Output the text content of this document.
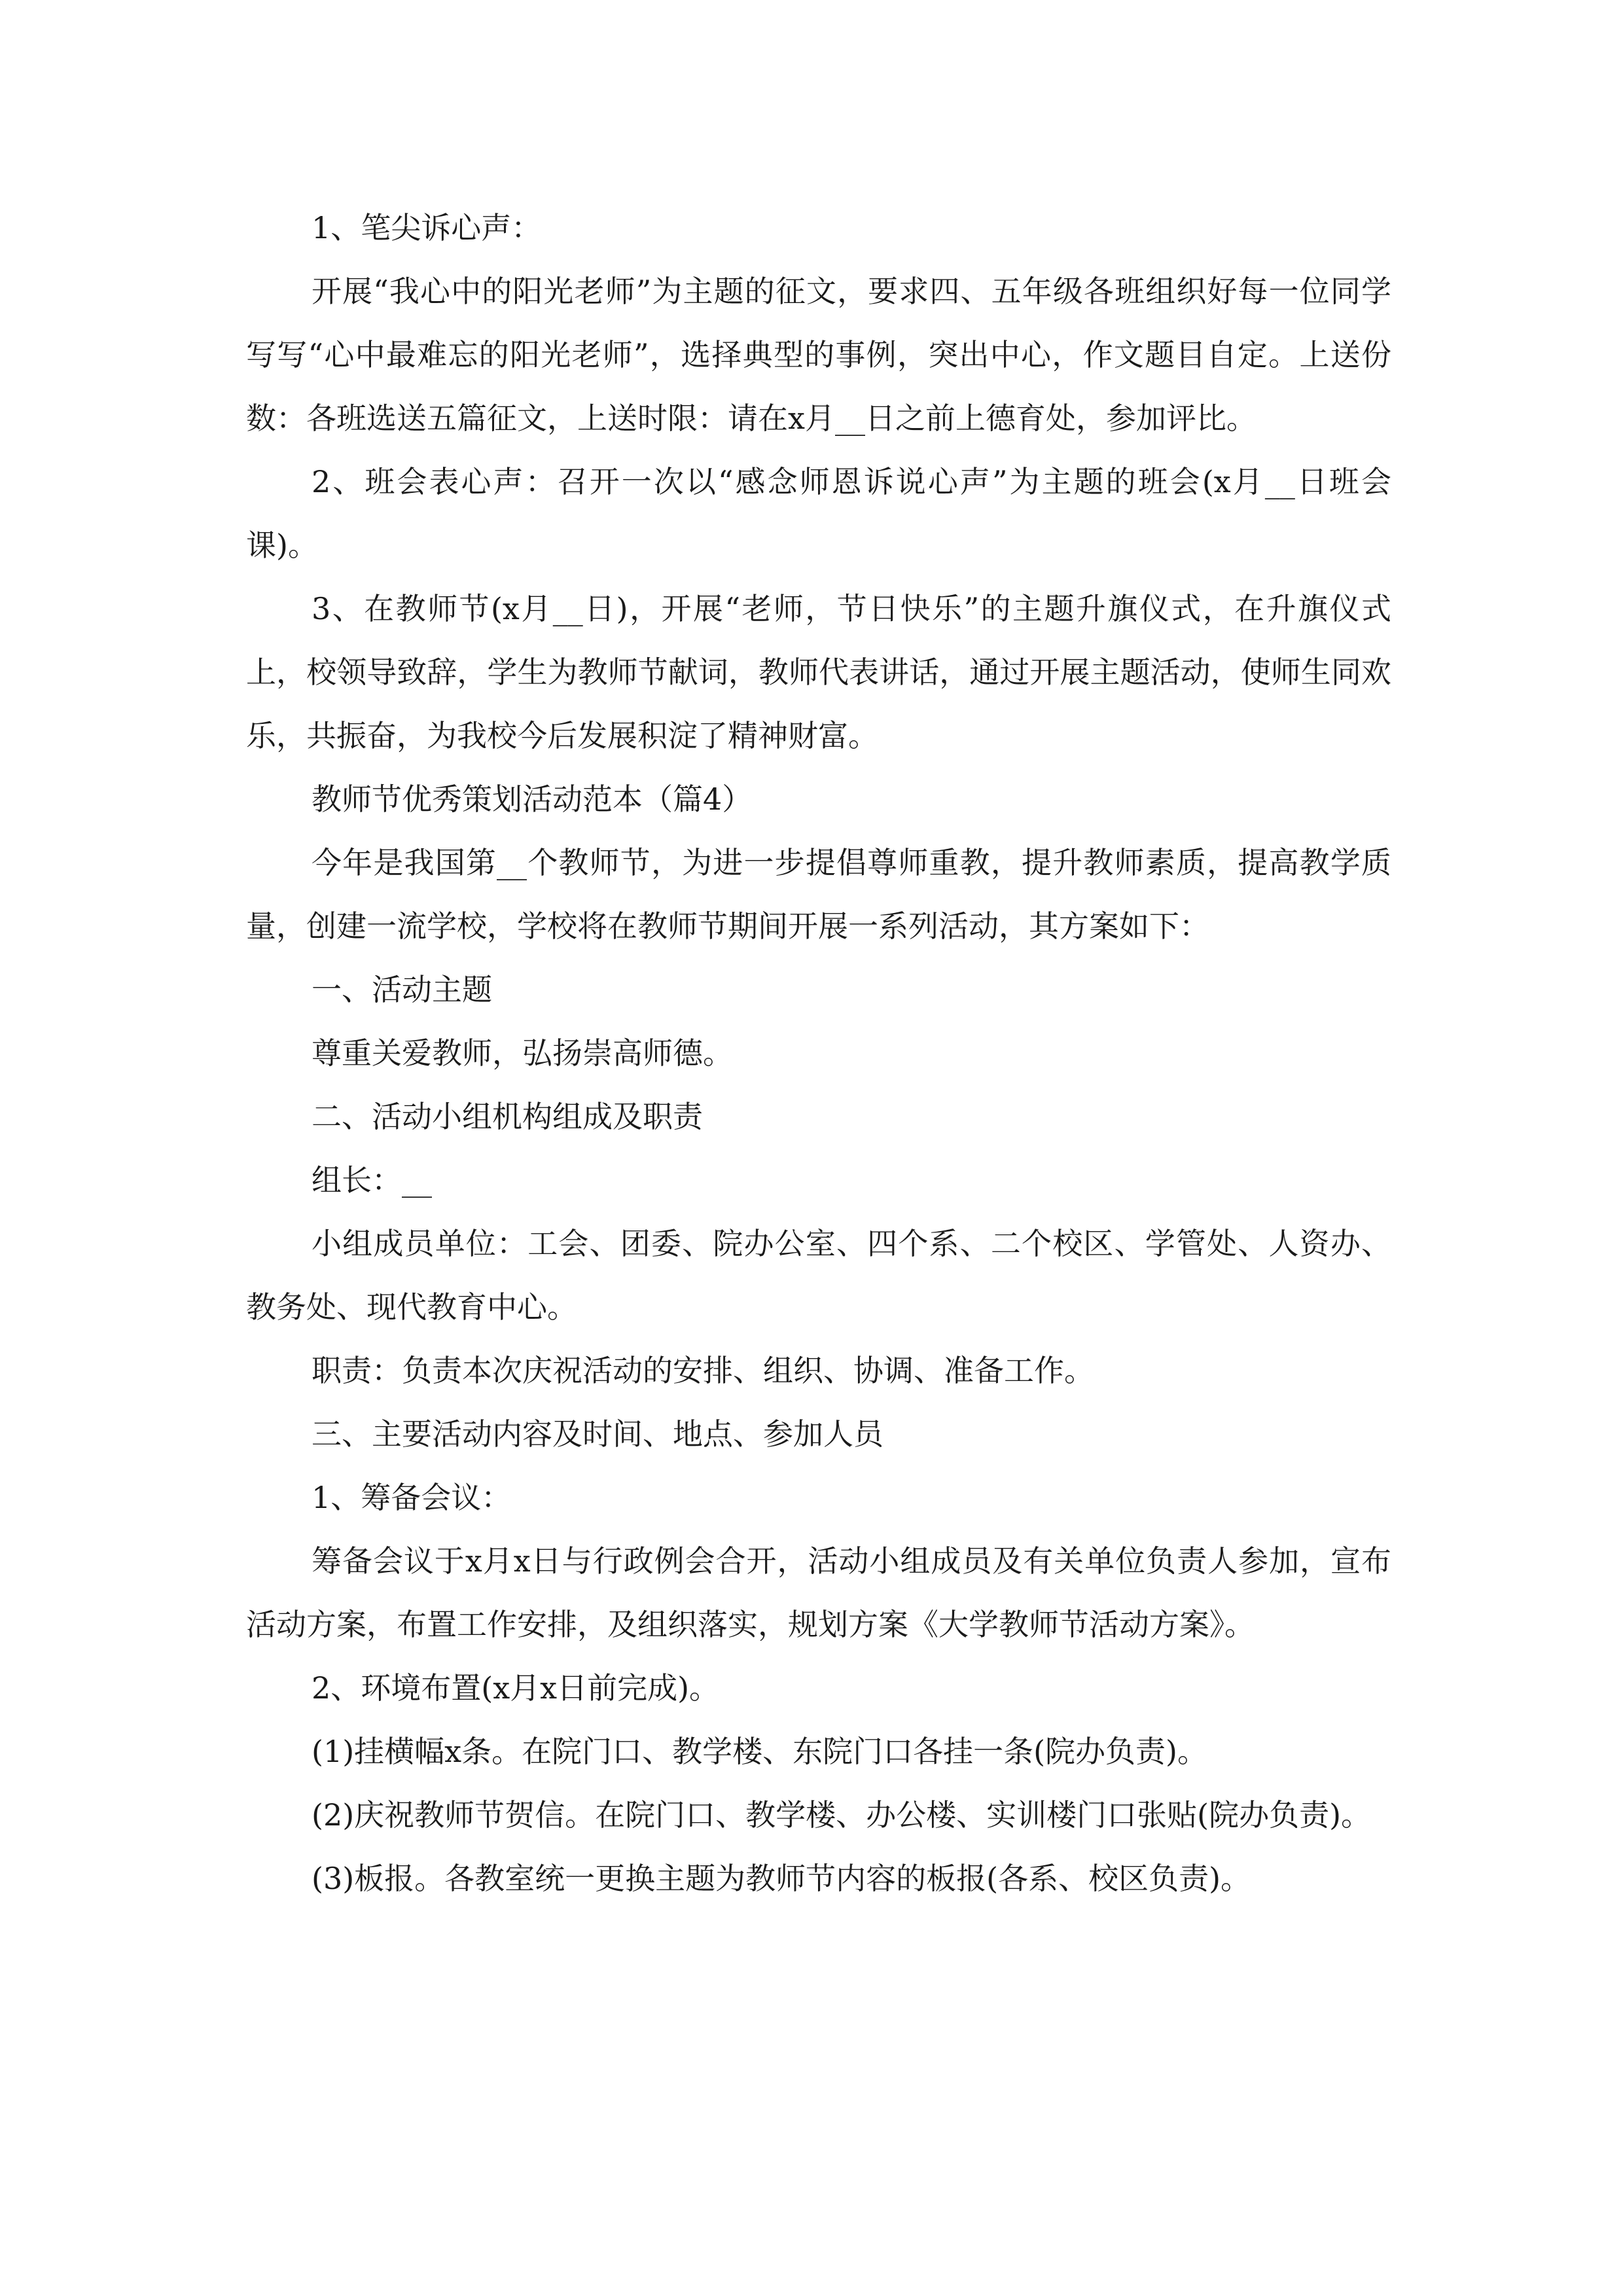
1、笔尖诉心声：

开展“我心中的阳光老师”为主题的征文，要求四、五年级各班组织好每一位同学写写“心中最难忘的阳光老师”，选择典型的事例，突出中心，作文题目自定。上送份数：各班选送五篇征文，上送时限：请在x月__日之前上德育处，参加评比。

2、班会表心声：召开一次以“感念师恩诉说心声”为主题的班会(x月__日班会课)。

3、在教师节(x月__日)，开展“老师，节日快乐”的主题升旗仪式，在升旗仪式上，校领导致辞，学生为教师节献词，教师代表讲话，通过开展主题活动，使师生同欢乐，共振奋，为我校今后发展积淀了精神财富。

教师节优秀策划活动范本（篇4）

今年是我国第__个教师节，为进一步提倡尊师重教，提升教师素质，提高教学质量，创建一流学校，学校将在教师节期间开展一系列活动，其方案如下：

一、活动主题

尊重关爱教师，弘扬崇高师德。

二、活动小组机构组成及职责

组长：__

小组成员单位：工会、团委、院办公室、四个系、二个校区、学管处、人资办、教务处、现代教育中心。

职责：负责本次庆祝活动的安排、组织、协调、准备工作。

三、主要活动内容及时间、地点、参加人员

1、筹备会议：

筹备会议于x月x日与行政例会合开，活动小组成员及有关单位负责人参加，宣布活动方案，布置工作安排，及组织落实，规划方案《大学教师节活动方案》。

2、环境布置(x月x日前完成)。

(1)挂横幅x条。在院门口、教学楼、东院门口各挂一条(院办负责)。

(2)庆祝教师节贺信。在院门口、教学楼、办公楼、实训楼门口张贴(院办负责)。

(3)板报。各教室统一更换主题为教师节内容的板报(各系、校区负责)。
